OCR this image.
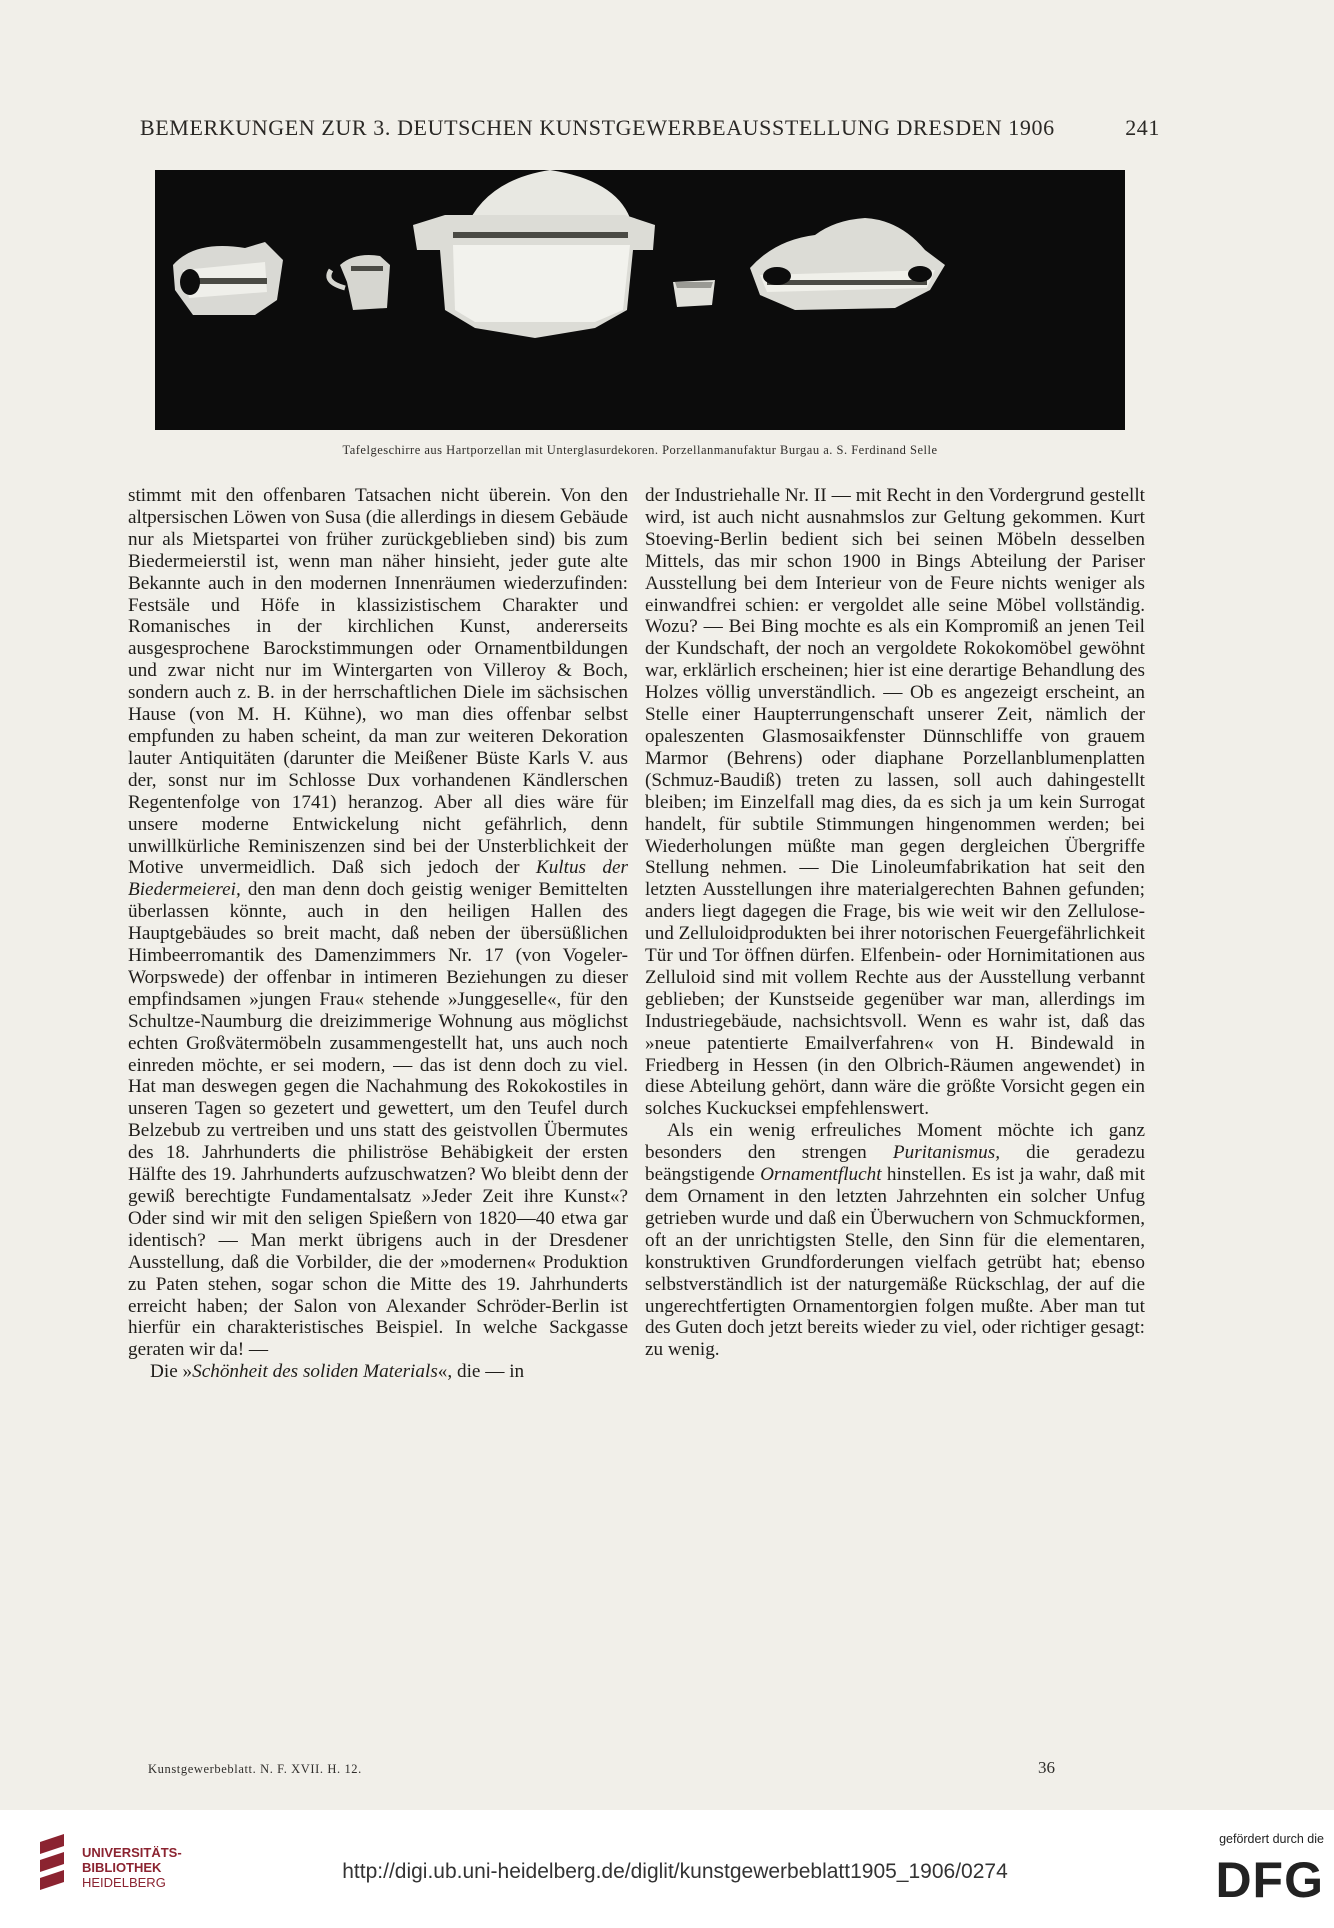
BEMERKUNGEN ZUR 3. DEUTSCHEN KUNSTGEWERBEAUSSTELLUNG DRESDEN 1906	241
Tafelgeschirre aus Hartporzellan mit Unterglasurdekoren. Porzellanmanufaktur Burgau a. S. Ferdinand Selle

stimmt mit den offenbaren Tatsachen nicht überein. Von den altpersischen Löwen von Susa (die allerdings in diesem Gebäude nur als Mietspartei von früher zurückgeblieben sind) bis zum Biedermeierstil ist, wenn man näher hinsieht, jeder gute alte Bekannte auch in den modernen Innenräumen wiederzufinden: Festsäle und Höfe in klassizistischem Charakter und Romanisches in der kirchlichen Kunst, andererseits ausgesprochene Barockstimmungen oder Ornamentbildungen und zwar nicht nur im Wintergarten von Villeroy & Boch, sondern auch z. B. in der herrschaftlichen Diele im sächsischen Hause (von M. H. Kühne), wo man dies offenbar selbst empfunden zu haben scheint, da man zur weiteren Dekoration lauter Antiquitäten (darunter die Meißener Büste Karls V. aus der, sonst nur im Schlosse Dux vorhandenen Kändlerschen Regentenfolge von 1741) heranzog. Aber all dies wäre für unsere moderne Entwickelung nicht gefährlich, denn unwillkürliche Reminiszenzen sind bei der Unsterblichkeit der Motive unvermeidlich. Daß sich jedoch der Kultus der Biedermeierei, den man denn doch geistig weniger Bemittelten überlassen könnte, auch in den heiligen Hallen des Hauptgebäudes so breit macht, daß neben der übersüßlichen Himbeerromantik des Damenzimmers Nr. 17 (von Vogeler-Worpswede) der offenbar in intimeren Beziehungen zu dieser empfindsamen »jungen Frau« stehende »Junggeselle«, für den Schultze-Naumburg die dreizimmerige Wohnung aus möglichst echten Großvätermöbeln zusammengestellt hat, uns auch noch einreden möchte, er sei modern, — das ist denn doch zu viel. Hat man deswegen gegen die Nachahmung des Rokokostiles in unseren Tagen so gezetert und gewettert, um den Teufel durch Belzebub zu vertreiben und uns statt des geistvollen Übermutes des 18. Jahrhunderts die philiströse Behäbigkeit der ersten Hälfte des 19. Jahrhunderts aufzuschwatzen? Wo bleibt denn der gewiß berechtigte Fundamentalsatz »Jeder Zeit ihre Kunst«? Oder sind wir mit den seligen Spießern von 1820—40 etwa gar identisch? — Man merkt übrigens auch in der Dresdener Ausstellung, daß die Vorbilder, die der »modernen« Produktion zu Paten stehen, sogar schon die Mitte des 19. Jahrhunderts erreicht haben; der Salon von Alexander Schröder-Berlin ist hierfür ein charakteristisches Beispiel. In welche Sackgasse geraten wir da! —

Die »Schönheit des soliden Materials«, die — in

der Industriehalle Nr. II — mit Recht in den Vordergrund gestellt wird, ist auch nicht ausnahmslos zur Geltung gekommen. Kurt Stoeving-Berlin bedient sich bei seinen Möbeln desselben Mittels, das mir schon 1900 in Bings Abteilung der Pariser Ausstellung bei dem Interieur von de Feure nichts weniger als einwandfrei schien: er vergoldet alle seine Möbel vollständig. Wozu? — Bei Bing mochte es als ein Kompromiß an jenen Teil der Kundschaft, der noch an vergoldete Rokokomöbel gewöhnt war, erklärlich erscheinen; hier ist eine derartige Behandlung des Holzes völlig unverständlich. — Ob es angezeigt erscheint, an Stelle einer Haupterrungenschaft unserer Zeit, nämlich der opaleszenten Glasmosaikfenster Dünnschliffe von grauem Marmor (Behrens) oder diaphane Porzellanblumenplatten (Schmuz-Baudiß) treten zu lassen, soll auch dahingestellt bleiben; im Einzelfall mag dies, da es sich ja um kein Surrogat handelt, für subtile Stimmungen hingenommen werden; bei Wiederholungen müßte man gegen dergleichen Übergriffe Stellung nehmen. — Die Linoleumfabrikation hat seit den letzten Ausstellungen ihre materialgerechten Bahnen gefunden; anders liegt dagegen die Frage, bis wie weit wir den Zellulose- und Zelluloidprodukten bei ihrer notorischen Feuergefährlichkeit Tür und Tor öffnen dürfen. Elfenbein- oder Hornimitationen aus Zelluloid sind mit vollem Rechte aus der Ausstellung verbannt geblieben; der Kunstseide gegenüber war man, allerdings im Industriegebäude, nachsichtsvoll. Wenn es wahr ist, daß das »neue patentierte Emailverfahren« von H. Bindewald in Friedberg in Hessen (in den Olbrich-Räumen angewendet) in diese Abteilung gehört, dann wäre die größte Vorsicht gegen ein solches Kuckucksei empfehlenswert.

Als ein wenig erfreuliches Moment möchte ich ganz besonders den strengen Puritanismus, die geradezu beängstigende Ornamentflucht hinstellen. Es ist ja wahr, daß mit dem Ornament in den letzten Jahrzehnten ein solcher Unfug getrieben wurde und daß ein Überwuchern von Schmuckformen, oft an der unrichtigsten Stelle, den Sinn für die elementaren, konstruktiven Grundforderungen vielfach getrübt hat; ebenso selbstverständlich ist der naturgemäße Rückschlag, der auf die ungerechtfertigten Ornamentorgien folgen mußte. Aber man tut des Guten doch jetzt bereits wieder zu viel, oder richtiger gesagt: zu wenig.

Kunstgewerbeblatt. N. F. XVII. H. 12.	36
UNIVERSITÄTS-
BIBLIOTHEK
HEIDELBERG	http://digi.ub.uni-heidelberg.de/diglit/kunstgewerbeblatt1905_1906/0274
gefördert durch die
DFG
